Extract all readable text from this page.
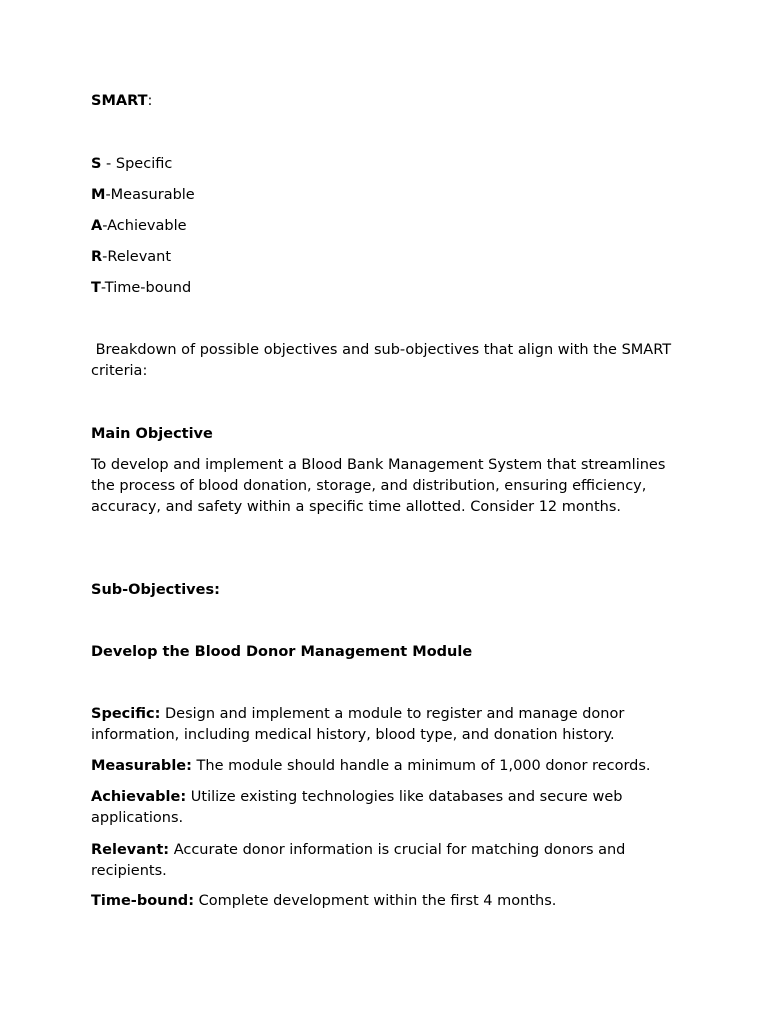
SMART:
S - Specific
M-Measurable
A-Achievable
R-Relevant
T-Time-bound
Breakdown of possible objectives and sub-objectives that align with the SMART criteria:
Main Objective
To develop and implement a Blood Bank Management System that streamlines the process of blood donation, storage, and distribution, ensuring efficiency, accuracy, and safety within a specific time allotted. Consider 12 months.
Sub-Objectives:
Develop the Blood Donor Management Module
Specific: Design and implement a module to register and manage donor information, including medical history, blood type, and donation history.
Measurable: The module should handle a minimum of 1,000 donor records.
Achievable: Utilize existing technologies like databases and secure web applications.
Relevant: Accurate donor information is crucial for matching donors and recipients.
Time-bound: Complete development within the first 4 months.
